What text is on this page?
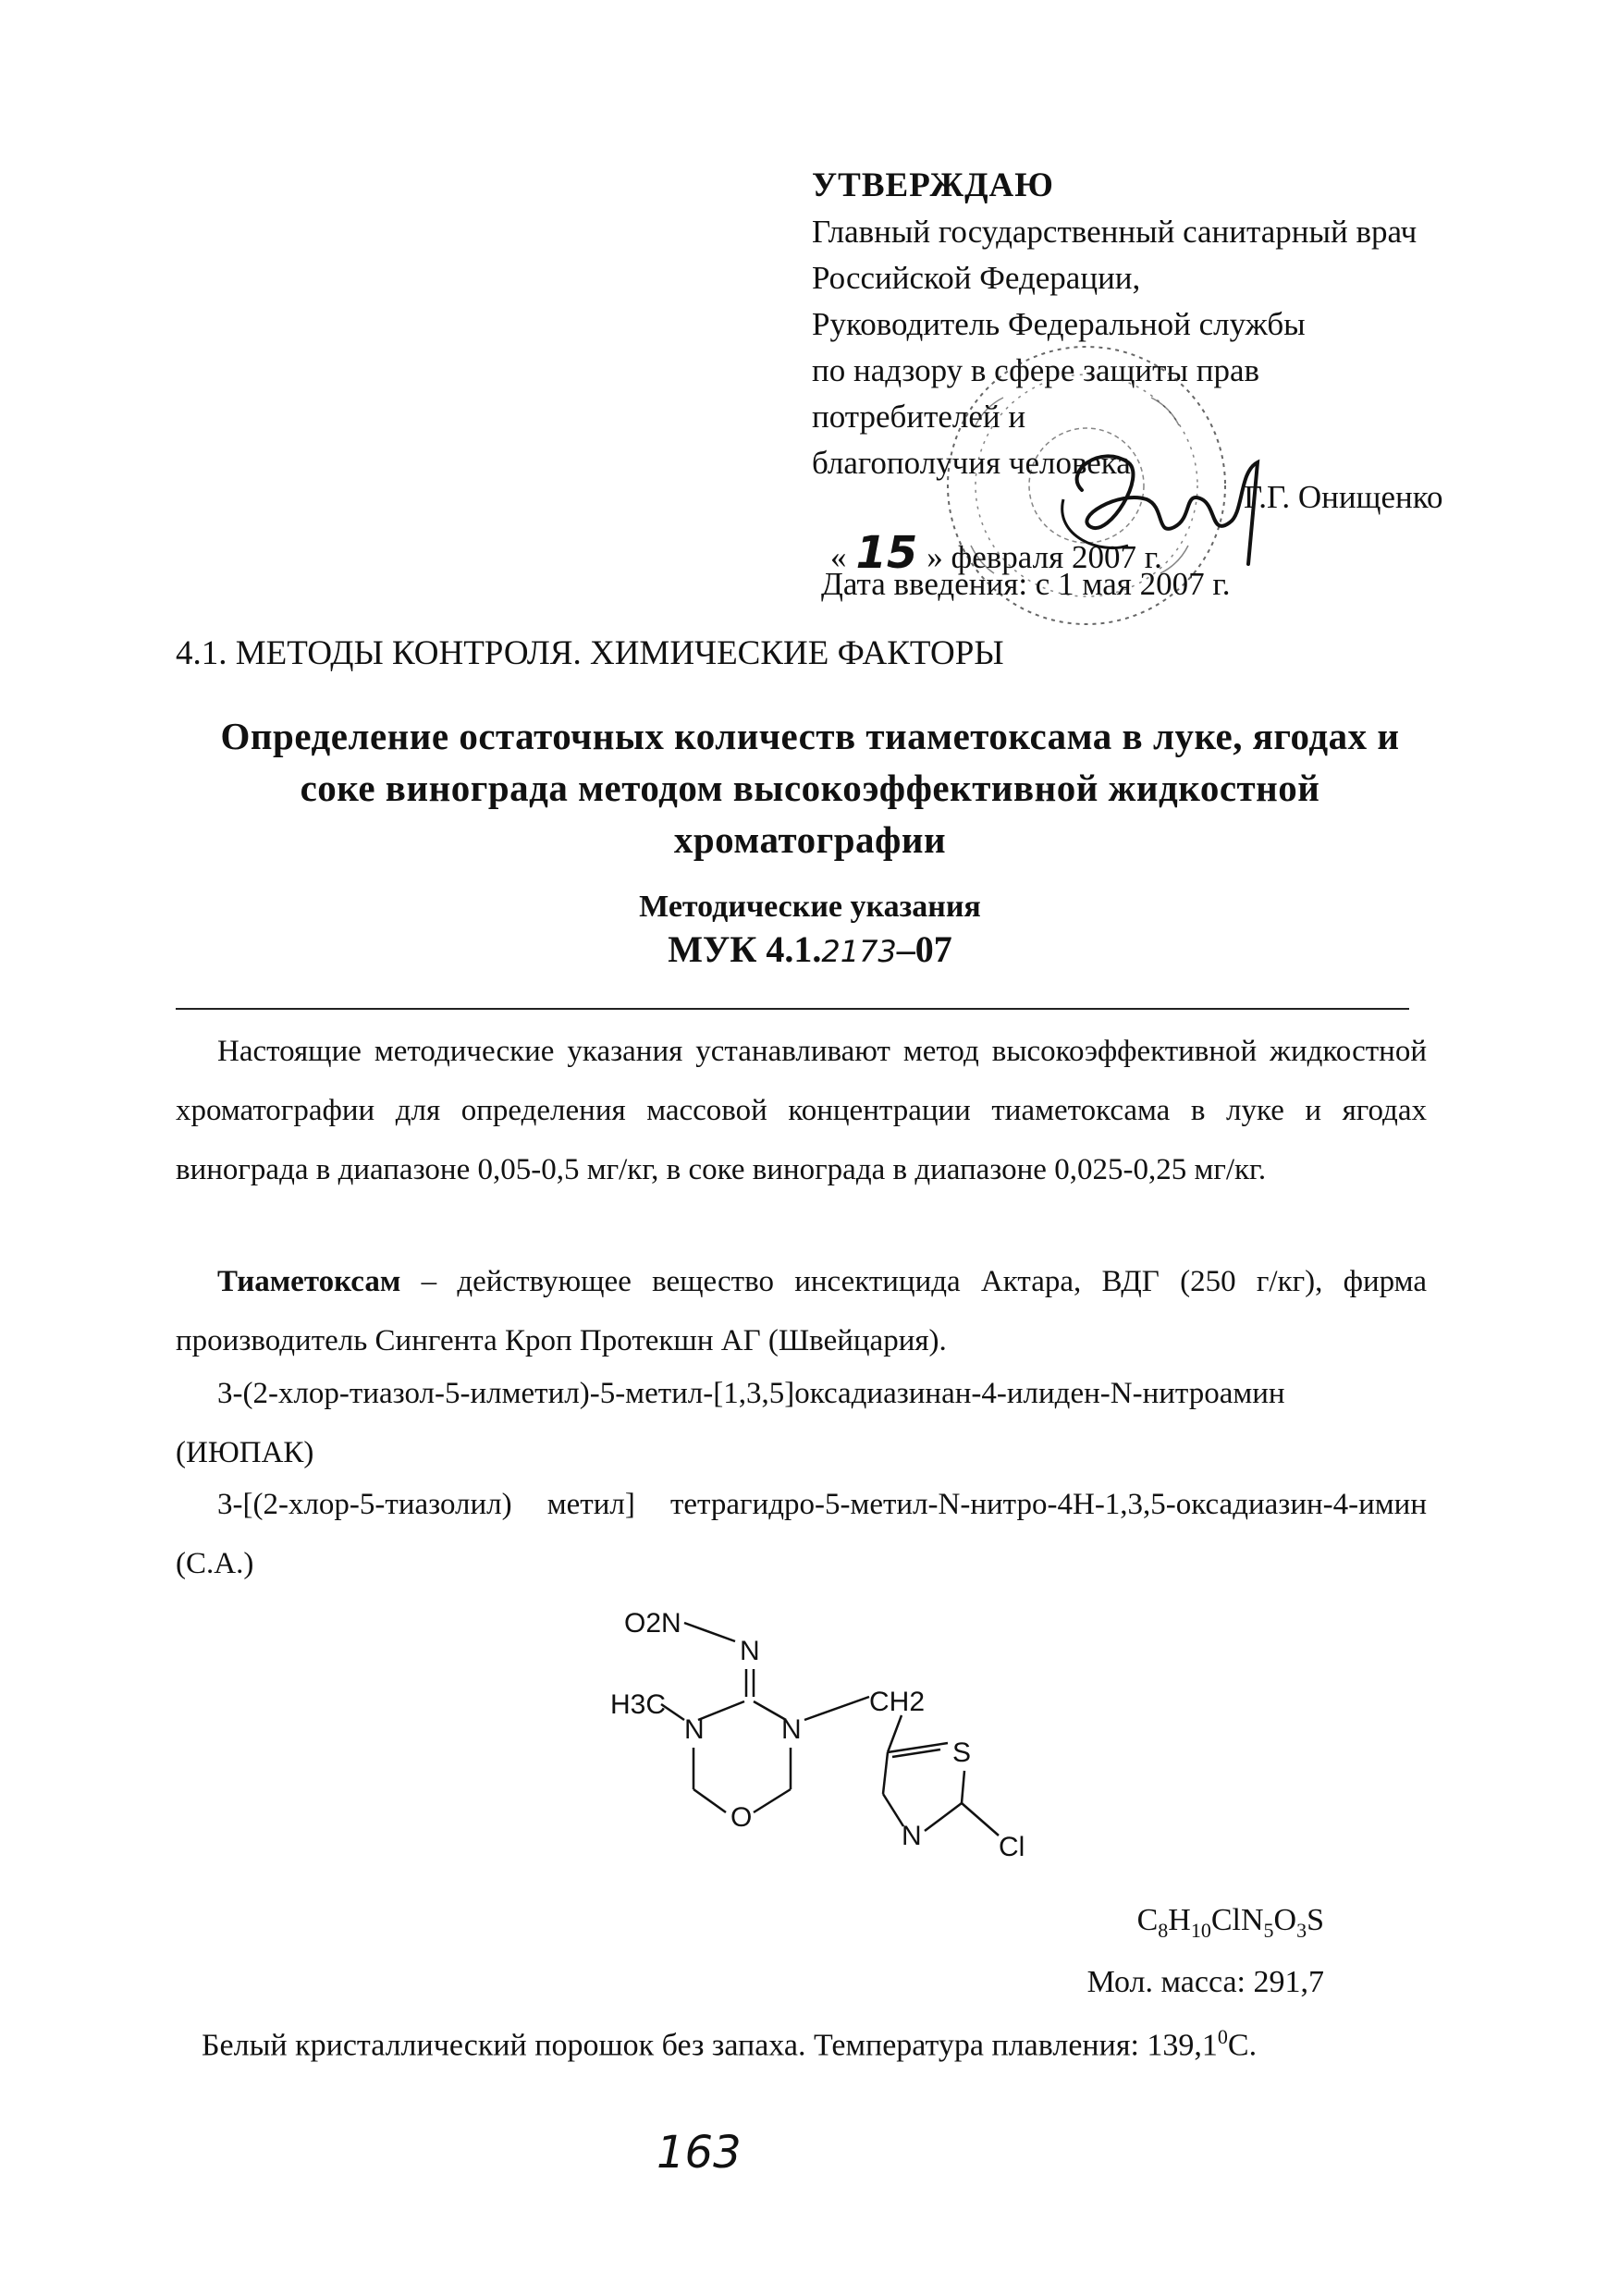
УТВЕРЖДАЮ
Главный государственный санитарный врач
Российской Федерации,
Руководитель Федеральной службы
по надзору в сфере защиты прав
потребителей и
благополучия человека
Г.Г. Онищенко
« 15 » февраля 2007 г.
Дата введения: с 1 мая 2007 г.
4.1. МЕТОДЫ КОНТРОЛЯ. ХИМИЧЕСКИЕ ФАКТОРЫ
Определение остаточных количеств тиаметоксама в луке, ягодах и
соке винограда методом высокоэффективной жидкостной
хроматографии
Методические указания
МУК 4.1.2173–07
Настоящие методические указания устанавливают метод высокоэффективной жидкостной хроматографии для определения массовой концентрации тиаметоксама в луке и ягодах винограда в диапазоне 0,05-0,5 мг/кг, в соке винограда в диапазоне 0,025-0,25 мг/кг.
Тиаметоксам – действующее вещество инсектицида Актара, ВДГ (250 г/кг), фирма производитель Сингента Кроп Протекшн АГ (Швейцария).
3-(2-хлор-тиазол-5-илметил)-5-метил-[1,3,5]оксадиазинан-4-илиден-N-нитроамин (ИЮПАК)
3-[(2-хлор-5-тиазолил) метил] тетрагидро-5-метил-N-нитро-4H-1,3,5-оксадиазин-4-имин (С.А.)
O2N
N
H3C
N	N
O
CH2
S
N	Cl
$C_8H_{10}ClN_5O_3S$
Мол. масса: 291,7
Белый кристаллический порошок без запаха. Температура плавления: 139,1$^0$С.
163
